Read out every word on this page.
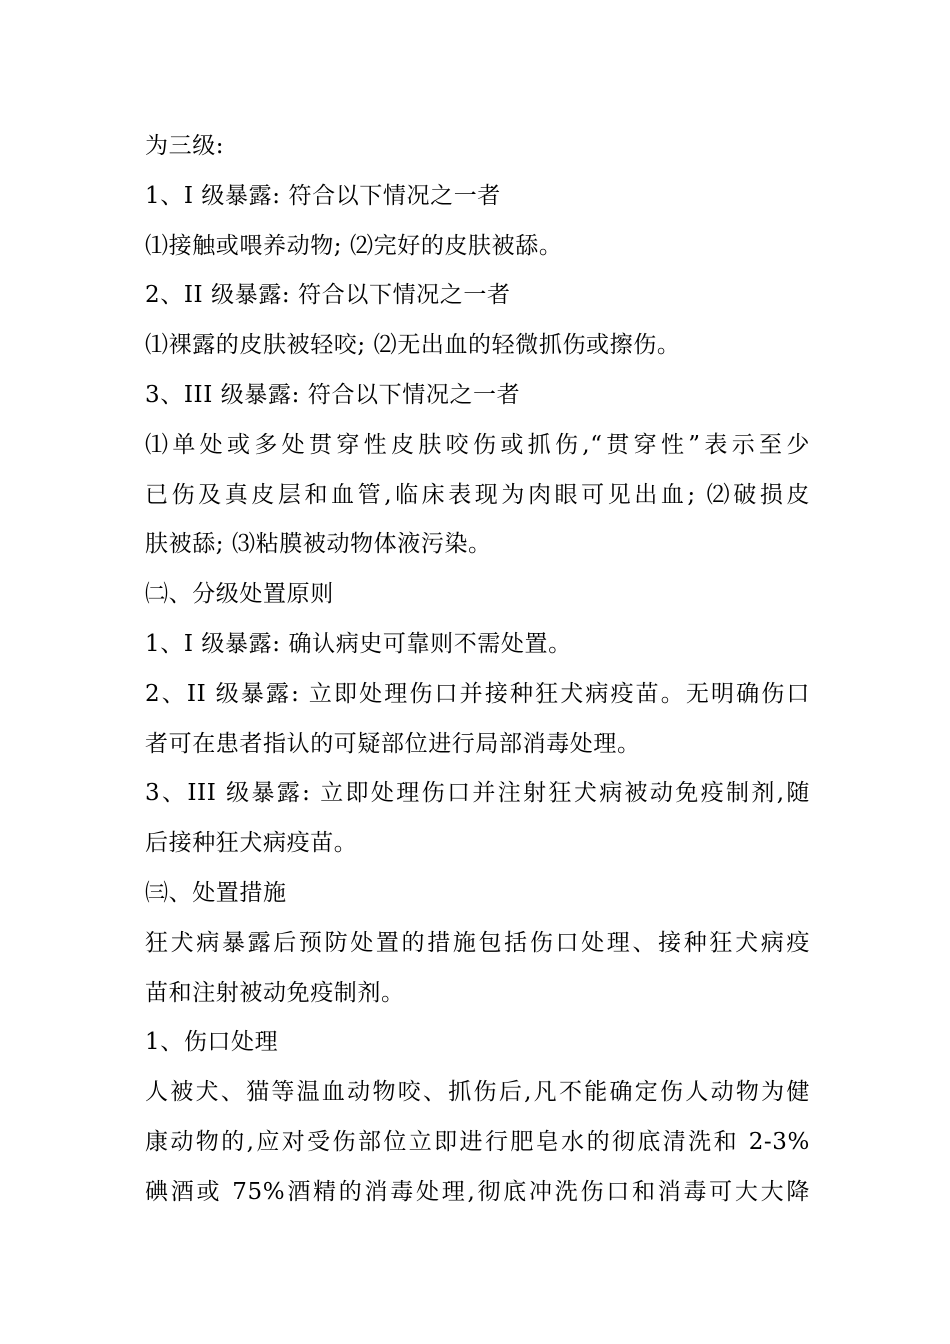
为三级:
1、I 级暴露: 符合以下情况之一者
⑴接触或喂养动物; ⑵完好的皮肤被舔。
2、II 级暴露: 符合以下情况之一者
⑴裸露的皮肤被轻咬; ⑵无出血的轻微抓伤或擦伤。
3、III 级暴露: 符合以下情况之一者
⑴单处或多处贯穿性皮肤咬伤或抓伤,“贯穿性”表示至少
已伤及真皮层和血管,临床表现为肉眼可见出血; ⑵破损皮
肤被舔; ⑶粘膜被动物体液污染。
㈡、分级处置原则
1、I 级暴露: 确认病史可靠则不需处置。
2、II 级暴露: 立即处理伤口并接种狂犬病疫苗。无明确伤口
者可在患者指认的可疑部位进行局部消毒处理。
3、III 级暴露: 立即处理伤口并注射狂犬病被动免疫制剂,随
后接种狂犬病疫苗。
㈢、处置措施
狂犬病暴露后预防处置的措施包括伤口处理、接种狂犬病疫
苗和注射被动免疫制剂。
1、伤口处理
人被犬、猫等温血动物咬、抓伤后,凡不能确定伤人动物为健
康动物的,应对受伤部位立即进行肥皂水的彻底清洗和 2-3%
碘酒或 75%酒精的消毒处理,彻底冲洗伤口和消毒可大大降
